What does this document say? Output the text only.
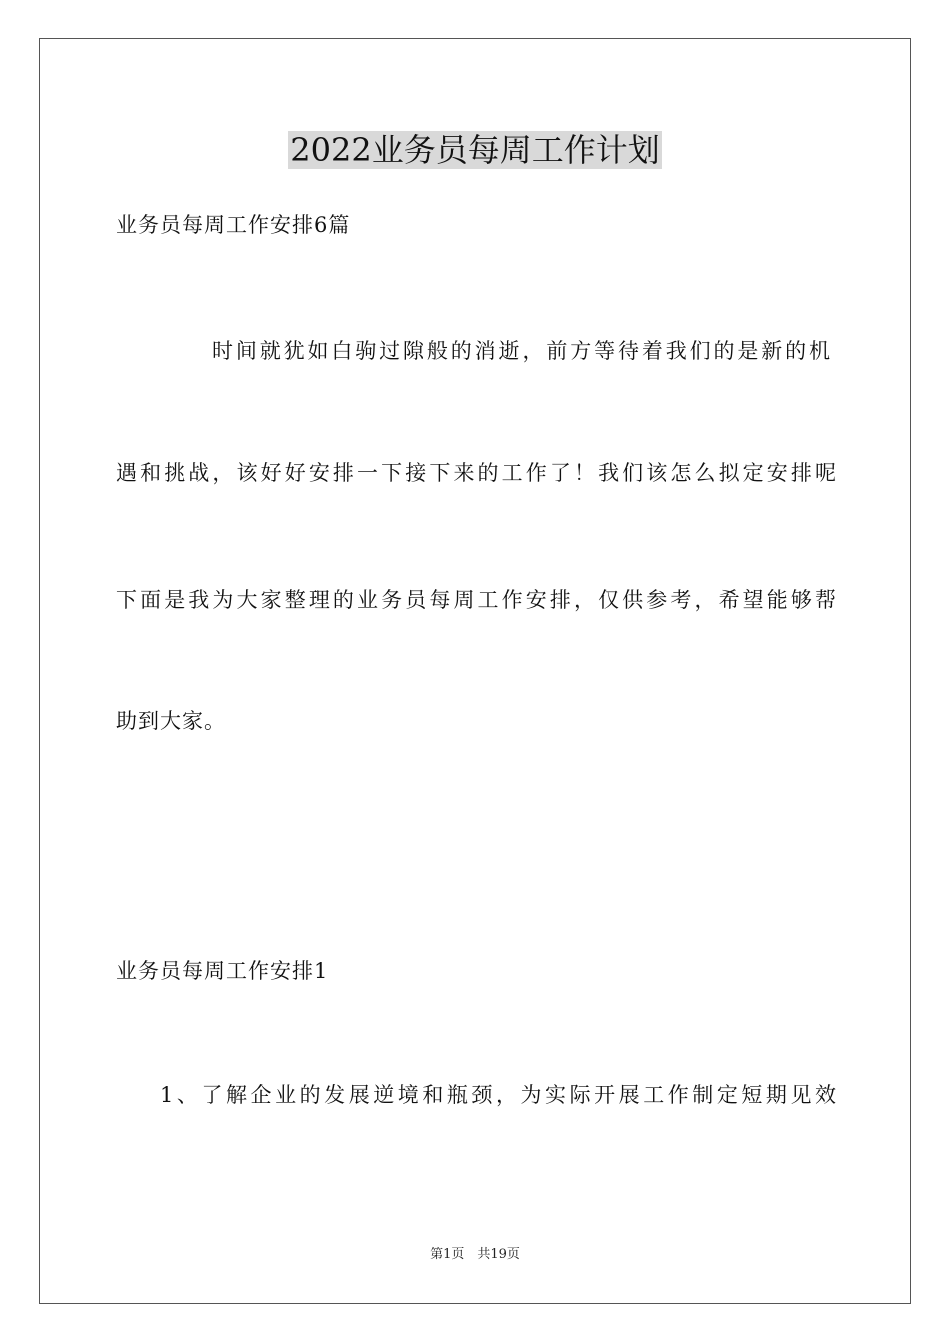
2022业务员每周工作计划
业务员每周工作安排6篇
时间就犹如白驹过隙般的消逝，前方等待着我们的是新的机
遇和挑战，该好好安排一下接下来的工作了！我们该怎么拟定安排呢
下面是我为大家整理的业务员每周工作安排，仅供参考，希望能够帮
助到大家。
业务员每周工作安排1
1、了解企业的发展逆境和瓶颈，为实际开展工作制定短期见效
第1页　共19页
